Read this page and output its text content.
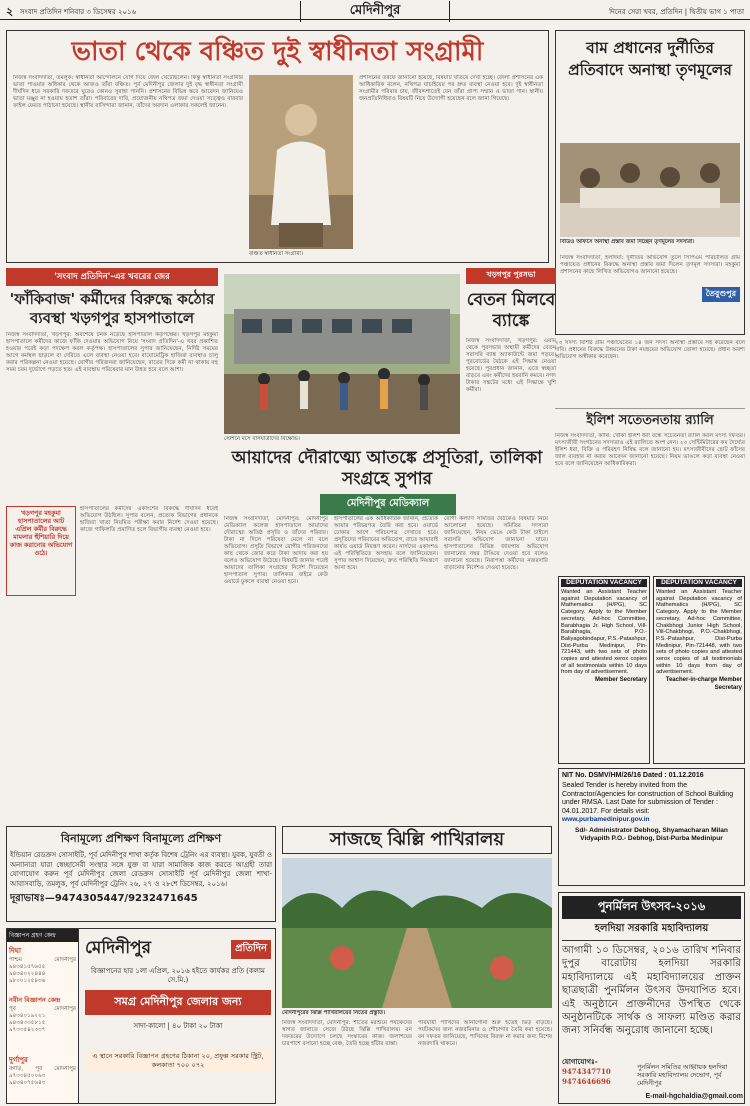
২ সংবাদ প্রতিদিন শনিবার ৩ ডিসেম্বর ২০১৬	মেদিনীপুর	দিনের সেরা খবর, প্রতিদিন | দ্বিতীয় ভাগ ১ পাতা
ভাতা থেকে বঞ্চিত দুই স্বাধীনতা সংগ্রামী
নিজস্ব সংবাদদাতা, তমলুক: স্বাধীনতা আন্দোলনে যোগ দিয়ে জেল খেটেছিলেন। কিন্তু স্বাধীনতা সংগ্রামীর ভাতা পাওয়ার অধিকার থেকে আজও তাঁরা বঞ্চিত। পূর্ব মেদিনীপুর জেলার দুই বৃদ্ধ স্বাধীনতা সংগ্রামী দীর্ঘদিন ধরে সরকারি দফতরে ঘুরেও কোনও সুরাহা পাননি। প্রশাসনের বিভিন্ন স্তরে আবেদন জানিয়েও ভাতা মঞ্জুর না হওয়ায় হতাশ তাঁরা। পরিবারের দাবি, প্রয়োজনীয় নথিপত্র জমা দেওয়া সত্ত্বেও বারবার ফাইল ফেরত পাঠানো হয়েছে। স্থানীয় বাসিন্দারা জানান, তাঁদের অবদান এলাকার সকলেই জানেন।
বঞ্চিত স্বাধীনতা সংগ্রামী।
প্রশাসনের তরফে জানানো হয়েছে, বিষয়টি খতিয়ে দেখা হচ্ছে। জেলা প্রশাসনের এক আধিকারিক বলেন, নথিপত্র যাচাইয়ের পর দ্রুত ব্যবস্থা নেওয়া হবে। দুই স্বাধীনতা সংগ্রামীর পরিবার চায়, জীবদ্দশাতেই যেন তাঁরা প্রাপ্য সম্মান ও ভাতা পান। স্থানীয় জনপ্রতিনিধিরাও বিষয়টি নিয়ে উদ্যোগী হয়েছেন বলে জানা গিয়েছে।
বাম প্রধানের দুর্নীতির প্রতিবাদে অনাস্থা তৃণমূলের
বিডিও অফিসে অনাস্থা প্রস্তাব জমা দিচ্ছেন তৃণমূলের সদস্যরা।
নিজস্ব সংবাদদাতা, হলদিয়া: দুর্নীতির অভিযোগ তুলে সিপিএম পরিচালিত গ্রাম পঞ্চায়েত প্রধানের বিরুদ্ধে অনাস্থা প্রস্তাব জমা দিলেন তৃণমূল সদস্যরা। মহকুমা প্রশাসনের কাছে লিখিত অভিযোগও জানানো হয়েছে।
তৈবুণ্ডপুর
'সংবাদ প্রতিদিন'-এর খবরের জের
'ফাঁকিবাজ' কর্মীদের বিরুদ্ধে কঠোর ব্যবস্থা খড়গপুর হাসপাতালে
নিজস্ব সংবাদদাতা, খড়গপুর: অবশেষে টনক নড়েছে হাসপাতাল কর্তৃপক্ষের। খড়গপুর মহকুমা হাসপাতালে কর্মীদের কাজে ফাঁকি দেওয়ার অভিযোগ নিয়ে 'সংবাদ প্রতিদিন'-এ খবর প্রকাশিত হওয়ার পরেই কড়া পদক্ষেপ করল কর্তৃপক্ষ। হাসপাতালের সুপার জানিয়েছেন, নির্দিষ্ট সময়ের আগে কর্মস্থল ছাড়লে বা দেরিতে এলে ব্যবস্থা নেওয়া হবে। বায়োমেট্রিক হাজিরা ব্যবস্থাও চালু করার পরিকল্পনা নেওয়া হয়েছে। রোগীর পরিজনরা জানিয়েছেন, রাতের দিকে কর্মী না থাকায় বহু সময় চরম দুর্ভোগে পড়তে হত। এই ব্যবস্থায় পরিষেবার মান উন্নত হবে বলে আশা।
খড়গপুর মহকুমা হাসপাতালের আট এপ্রিল কর্মীর বিরুদ্ধে মামলার হুঁশিয়ারি দিয়ে কাজ করানোর অভিযোগ ওঠে।
হাসপাতালের কর্মীদের একাংশের বিরুদ্ধে দীর্ঘদিন ধরেই অভিযোগ উঠছিল। সুপার বলেন, প্রত্যেক বিভাগের প্রধানকে হাজিরা খাতা নিয়মিত পরীক্ষা করার নির্দেশ দেওয়া হয়েছে। কাজে গাফিলতি প্রমাণিত হলে বিভাগীয় ব্যবস্থা নেওয়া হবে।
স্টেশনে বসে বাসযাত্রীদের বিক্ষোভ।
খড়গপুর পুরসভা
বেতন মিলবে ব্যাঙ্কে
নিজস্ব সংবাদদাতা, খড়গপুর: এবার থেকে পুরসভার অস্থায়ী কর্মীদের বেতন সরাসরি ব্যাঙ্ক অ্যাকাউন্টে জমা পড়বে। পুরবোর্ডের বৈঠকে এই সিদ্ধান্ত নেওয়া হয়েছে। পুরপ্রধান জানান, এতে স্বচ্ছতা বাড়বে এবং কর্মীদের হয়রানি কমবে। নগদ টাকার সঙ্কটের মধ্যে এই সিদ্ধান্তে খুশি কর্মীরা।
আয়াদের দৌরাত্ম্যে আতঙ্কে প্রসূতিরা, তালিকা সংগ্রহে সুপার
মেদিনীপুর মেডিক্যাল
নিজস্ব সংবাদদাতা, মেদিনীপুর: মেদিনীপুর মেডিক্যাল কলেজ হাসপাতালে আয়াদের দৌরাত্ম্যে অতিষ্ঠ প্রসূতি ও তাঁদের পরিবার। টাকা না দিলে পরিষেবা মেলে না বলে অভিযোগ। প্রসূতি বিভাগে রোগীর পরিজনদের কাছ থেকে জোর করে টাকা আদায় করা হয় বলেও অভিযোগ উঠেছে। বিষয়টি জানার পরেই আয়াদের তালিকা সংগ্রহের নির্দেশ দিয়েছেন হাসপাতাল সুপার। তালিকার বাইরে কেউ ওয়ার্ডে ঢুকলে ব্যবস্থা নেওয়া হবে।
হাসপাতালের এক আধিকারিক জানান, প্রত্যেক আয়ার পরিচয়পত্র তৈরি করা হবে। ওয়ার্ডে ঢোকার আগে পরিচয়পত্র দেখাতে হবে। প্রসূতিদের পরিবারের অভিযোগ, রাতে আয়ারাই কার্যত ওয়ার্ড নিয়ন্ত্রণ করেন। নার্সদের একাংশও এই পরিস্থিতিতে অসহায় বলে জানিয়েছেন। সুপার আশ্বাস দিয়েছেন, দ্রুত পরিস্থিতি নিয়ন্ত্রণে আনা হবে।
রোগী কল্যাণ সমিতির বৈঠকেও বিষয়টি নিয়ে আলোচনা হয়েছে। সমিতির সদস্যরা জানিয়েছেন, নিয়ম ভেঙে কেউ টাকা চাইলে সরাসরি অভিযোগ জানানো যাবে। হাসপাতালের বিভিন্ন জায়গায় অভিযোগ জানানোর নম্বর টাঙিয়ে দেওয়া হবে বলেও জানানো হয়েছে। নিরাপত্তা কর্মীদের নজরদারি বাড়ানোর নির্দেশও দেওয়া হয়েছে।
২৩ সদস্য বিশিষ্ট গ্রাম পঞ্চায়েতের ১৪ জন সদস্য অনাস্থা প্রস্তাবে সই করেছেন বলে দাবি। প্রধানের বিরুদ্ধে উন্নয়নের টাকা নয়ছয়ের অভিযোগ তোলা হয়েছে। প্রধান অবশ্য অভিযোগ অস্বীকার করেছেন।
ইলিশ সতেতনতায় র‌্যালি
নিজস্ব সংবাদদাতা, কাঁথি: খোকা ইলিশ ধরা বন্ধে সচেতনতা র‌্যালি করল মৎস্য দফতর। মৎস্যজীবী সংগঠনের সদস্যরাও এই র‌্যালিতে অংশ নেন। ২৩ সেন্টিমিটারের কম দৈর্ঘ্যের ইলিশ ধরা, বিক্রি ও পরিবহণ নিষিদ্ধ বলে জানানো হয়। মৎস্যজীবীদের ছোট ফাঁসের জাল ব্যবহার না করার আবেদন জানানো হয়েছে। নিয়ম ভাঙলে কড়া ব্যবস্থা নেওয়া হবে বলে জানিয়েছেন আধিকারিকরা।
DEPUTATION VACANCY
Wanted an Assistant Teacher against Deputation vacancy of Mathematics (H/PG), SC Category. Apply to the Member secretary, Ad-hoc Committee, Barabhagia Jr. High School, Vill-Barabhagia, P.O.-Baliyagobindapur, P.S.-Patashpur, Dist-Purba Medinipur, Pin-721443, with two sets of photo copies and attested xerox copies of all testimonials within 10 days from day of advertisement.
Member Secretary
DEPUTATION VACANCY
Wanted an Assistant Teacher against Deputation vacancy of Mathematics (H/PG), SC Category. Apply to the Member secretary, Ad-hoc Committee, Chakbhogi Junior High School, Vill-Chakbhogi, P.O.-Chakbhogi, P.S.-Patashpur, Dist-Purba Medinipur, Pin-721448, with two sets of photo copies and attested xerox copies of all testimonials within 10 days from day of advertisement.
Teacher-in-charge Member Secretary
NIT No. DSMV/HM/26/16 Dated : 01.12.2016
Sealed Tender is hereby invited from the Contractor/Agencies for construction of School Building under RMSA. Last Date for submission of Tender : 04.01.2017. For details visit:
www.purbamedinipur.gov.in
Sd/- Administrator Debhog, Shyamacharan Milan Vidyapith P.O.- Debhog, Dist-Purba Medinipur
বিনামূল্যে প্রশিক্ষণ বিনামূল্যে প্রশিক্ষণ
ইন্ডিয়ান রেডক্রস সোসাইটি, পূর্ব মেদিনীপুর শাখা কর্তৃক বিশেষ ট্রেনিং এর ব্যবস্থা। যুবক, যুবতী ও অন্যান্যরা যারা স্বেচ্ছাসেবী সংস্থার সঙ্গে যুক্ত বা যারা সামাজিক কাজ করতে আগ্রহী তারা যোগাযোগ করুন পূর্ব মেদিনীপুর জেলা রেডক্রস সোসাইটি পূর্ব মেদিনীপুর জেলা শাখা-আবাসবাড়ি, তমলুক, পূর্ব মেদিনীপুর ট্রেনিং ২৬, ২৭ ও ২৮শে ডিসেম্বর, ২০১৬।
দূরাভাষঃ—9474305447/9232471645
সাজছে ঝিল্লি পাখিরালয়
মেদিনীপুরের ঝিল্লি পাখিরালয়ের নিতের প্রস্তুতি।
নিজস্ব সংবাদদাতা, মেদিনীপুর: শীতের মরশুমে পর্যটকদের স্বাগত জানাতে সেজে উঠছে ঝিল্লি পাখিরালয়। বন দফতরের উদ্যোগে চলছে সংস্কারের কাজ। জলাশয়ের চারপাশে বসানো হচ্ছে বেঞ্চ, তৈরি হচ্ছে হাঁটার রাস্তা।
পরিযায়ী পাখিদের আনাগোনা শুরু হতেই ভিড় বাড়ছে। পর্যটকদের জন্য নজরমিনার ও শৌচাগার তৈরি করা হয়েছে। বন দফতর জানিয়েছে, পাখিদের বিরক্ত না করার জন্য বিশেষ নজরদারি থাকবে।
বিজ্ঞাপন গ্রহণ কেন্দ্র
দিঘা
পশ্চিম মেদিনীপুর ৯৪৩৪১৫৭৬৫৫ ৯৪৩৪০২২৪৪৪ ৯৮০০১২৫৪৩৬
নবীন বিজ্ঞাপন কেন্দ্র
পূর্ব মেদিনীপুর ৯৪৩৪০১৯২২১ ৯৪৩৪৩৩৫৮১৫ ৯৭৩৩৫৪২৩৩৭
দুর্গাপুর
বগড়ি, পূর্ব মেদিনীপুর ৯৭৩৩৪৫০০৯৩ ৯৪৩৪০৭৫৬৪৩
মেদিনীপুর	প্রতিদিন
বিজ্ঞাপনের হার ১লা এপ্রিল, ২০১৬ হইতে কার্যকর প্রতি (কলাম সে.মি.)
সমগ্র মেদিনীপুর জেলার জন্য
সাদা-কালো | ৪০ টাকা ২০ টাকা
এ স্থানে সরকারি বিজ্ঞাপন গ্রহণের ঠিকানা ২০, প্রফুল্ল সরকার স্ট্রিট, কলকাতা ৭০০ ০৭২
পুনর্মিলন উৎসব-২০১৬
হলদিয়া সরকারি মহাবিদ্যালয়
আগামী ১০ ডিসেম্বর, ২০১৬ তারিখ শনিবার দুপুর বারোটায় হলদিয়া সরকারি মহাবিদ্যালয়ে এই মহাবিদ্যালয়ের প্রাক্তন ছাত্রছাত্রী পুনর্মিলন উৎসব উদযাপিত হবে। এই অনুষ্ঠানে প্রাক্তনীদের উপস্থিত থেকে অনুষ্ঠানটিকে সার্থক ও সাফল্য মণ্ডিত করার জন্য সনির্বন্ধ অনুরোধ জানানো হচ্ছে।
যোগাযোগঃ-
9474347710
9474646696
পুনর্মিলন সমিতির আহ্বায়ক হলদিয়া সরকারি মহাবিদ্যালয় দেভোগ, পূর্ব মেদিনীপুর
E-mail-hgchaldia@gmail.com
